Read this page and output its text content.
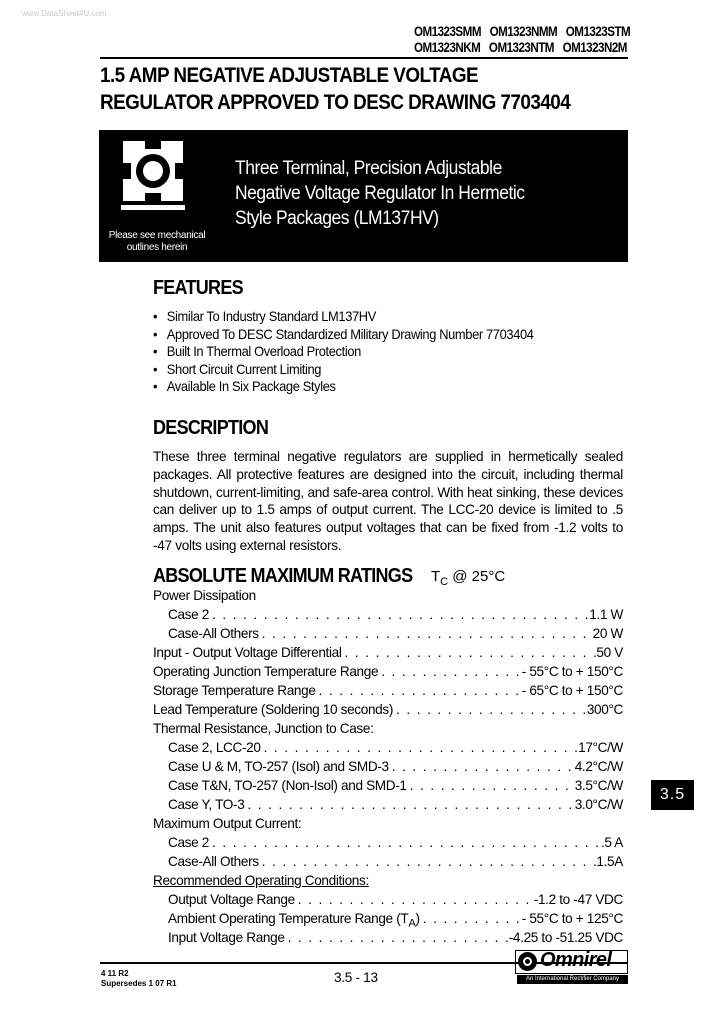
www.DataSheet4U.com
OM1323SMM OM1323NMM OM1323STM
OM1323NKM OM1323NTM OM1323N2M
1.5 AMP NEGATIVE ADJUSTABLE VOLTAGE
REGULATOR APPROVED TO DESC DRAWING 7703404
Please see mechanical
outlines herein
Three Terminal, Precision Adjustable
Negative Voltage Regulator In Hermetic
Style Packages (LM137HV)
FEATURES
• Similar To Industry Standard LM137HV
• Approved To DESC Standardized Military Drawing Number 7703404
• Built In Thermal Overload Protection
• Short Circuit Current Limiting
• Available In Six Package Styles
DESCRIPTION
These three terminal negative regulators are supplied in hermetically sealed packages. All protective features are designed into the circuit, including thermal shutdown, current-limiting, and safe-area control. With heat sinking, these devices can deliver up to 1.5 amps of output current. The LCC-20 device is limited to .5 amps. The unit also features output voltages that can be fixed from -1.2 volts to -47 volts using external resistors.
ABSOLUTE MAXIMUM RATINGS $T_C$ @ 25°C
Power Dissipation
Case 2 . . .	1.1 W
Case-All Others . . .	20 W
Input - Output Voltage Differential . . .	50 V
Operating Junction Temperature Range . . .	- 55°C to + 150°C
Storage Temperature Range . . .	- 65°C to + 150°C
Lead Temperature (Soldering 10 seconds) . . .	300°C
Thermal Resistance, Junction to Case:
Case 2, LCC-20 . . .	17°C/W
Case U & M, TO-257 (Isol) and SMD-3 . . .	4.2°C/W
Case T&N, TO-257 (Non-Isol) and SMD-1 . . .	3.5°C/W
Case Y, TO-3 . . .	3.0°C/W
Maximum Output Current:
Case 2 . . .	.5 A
Case-All Others . . .	1.5A
Recommended Operating Conditions:
Output Voltage Range . . .	-1.2 to -47 VDC
Ambient Operating Temperature Range $(T_A)$ . . .	- 55°C to + 125°C
Input Voltage Range . . .	-4.25 to -51.25 VDC
3.5
4 11 R2
Supersedes 1 07 R1	3.5 - 13
Omnirel
An International Rectifier Company
